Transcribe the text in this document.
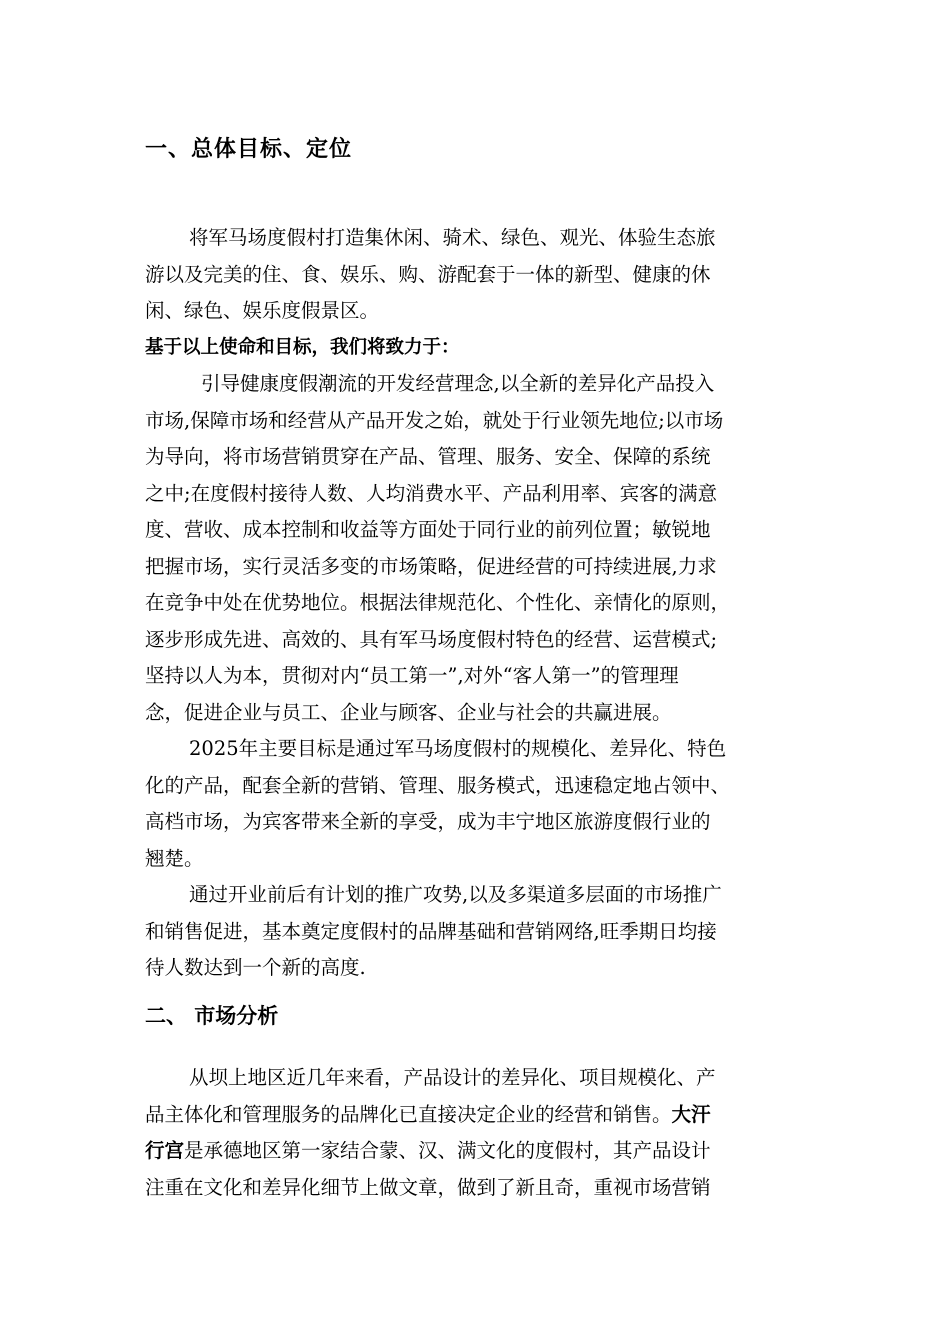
一、总体目标、定位
将军马场度假村打造集休闲、骑术、绿色、观光、体验生态旅
游以及完美的住、食、娱乐、购、游配套于一体的新型、健康的休
闲、绿色、娱乐度假景区。
基于以上使命和目标，我们将致力于：
引导健康度假潮流的开发经营理念,以全新的差异化产品投入
市场,保障市场和经营从产品开发之始，就处于行业领先地位;以市场
为导向，将市场营销贯穿在产品、管理、服务、安全、保障的系统
之中;在度假村接待人数、人均消费水平、产品利用率、宾客的满意
度、营收、成本控制和收益等方面处于同行业的前列位置；敏锐地
把握市场，实行灵活多变的市场策略，促进经营的可持续进展,力求
在竞争中处在优势地位。根据法律规范化、个性化、亲情化的原则，
逐步形成先进、高效的、具有军马场度假村特色的经营、运营模式;
坚持以人为本，贯彻对内“员工第一”,对外“客人第一”的管理理
念，促进企业与员工、企业与顾客、企业与社会的共赢进展。
2025年主要目标是通过军马场度假村的规模化、差异化、特色
化的产品，配套全新的营销、管理、服务模式，迅速稳定地占领中、
高档市场，为宾客带来全新的享受，成为丰宁地区旅游度假行业的
翘楚。
通过开业前后有计划的推广攻势,以及多渠道多层面的市场推广
和销售促进，基本奠定度假村的品牌基础和营销网络,旺季期日均接
待人数达到一个新的高度.
二、 市场分析
从坝上地区近几年来看，产品设计的差异化、项目规模化、产
品主体化和管理服务的品牌化已直接决定企业的经营和销售。大汗
行宫是承德地区第一家结合蒙、汉、满文化的度假村，其产品设计
注重在文化和差异化细节上做文章，做到了新且奇，重视市场营销
